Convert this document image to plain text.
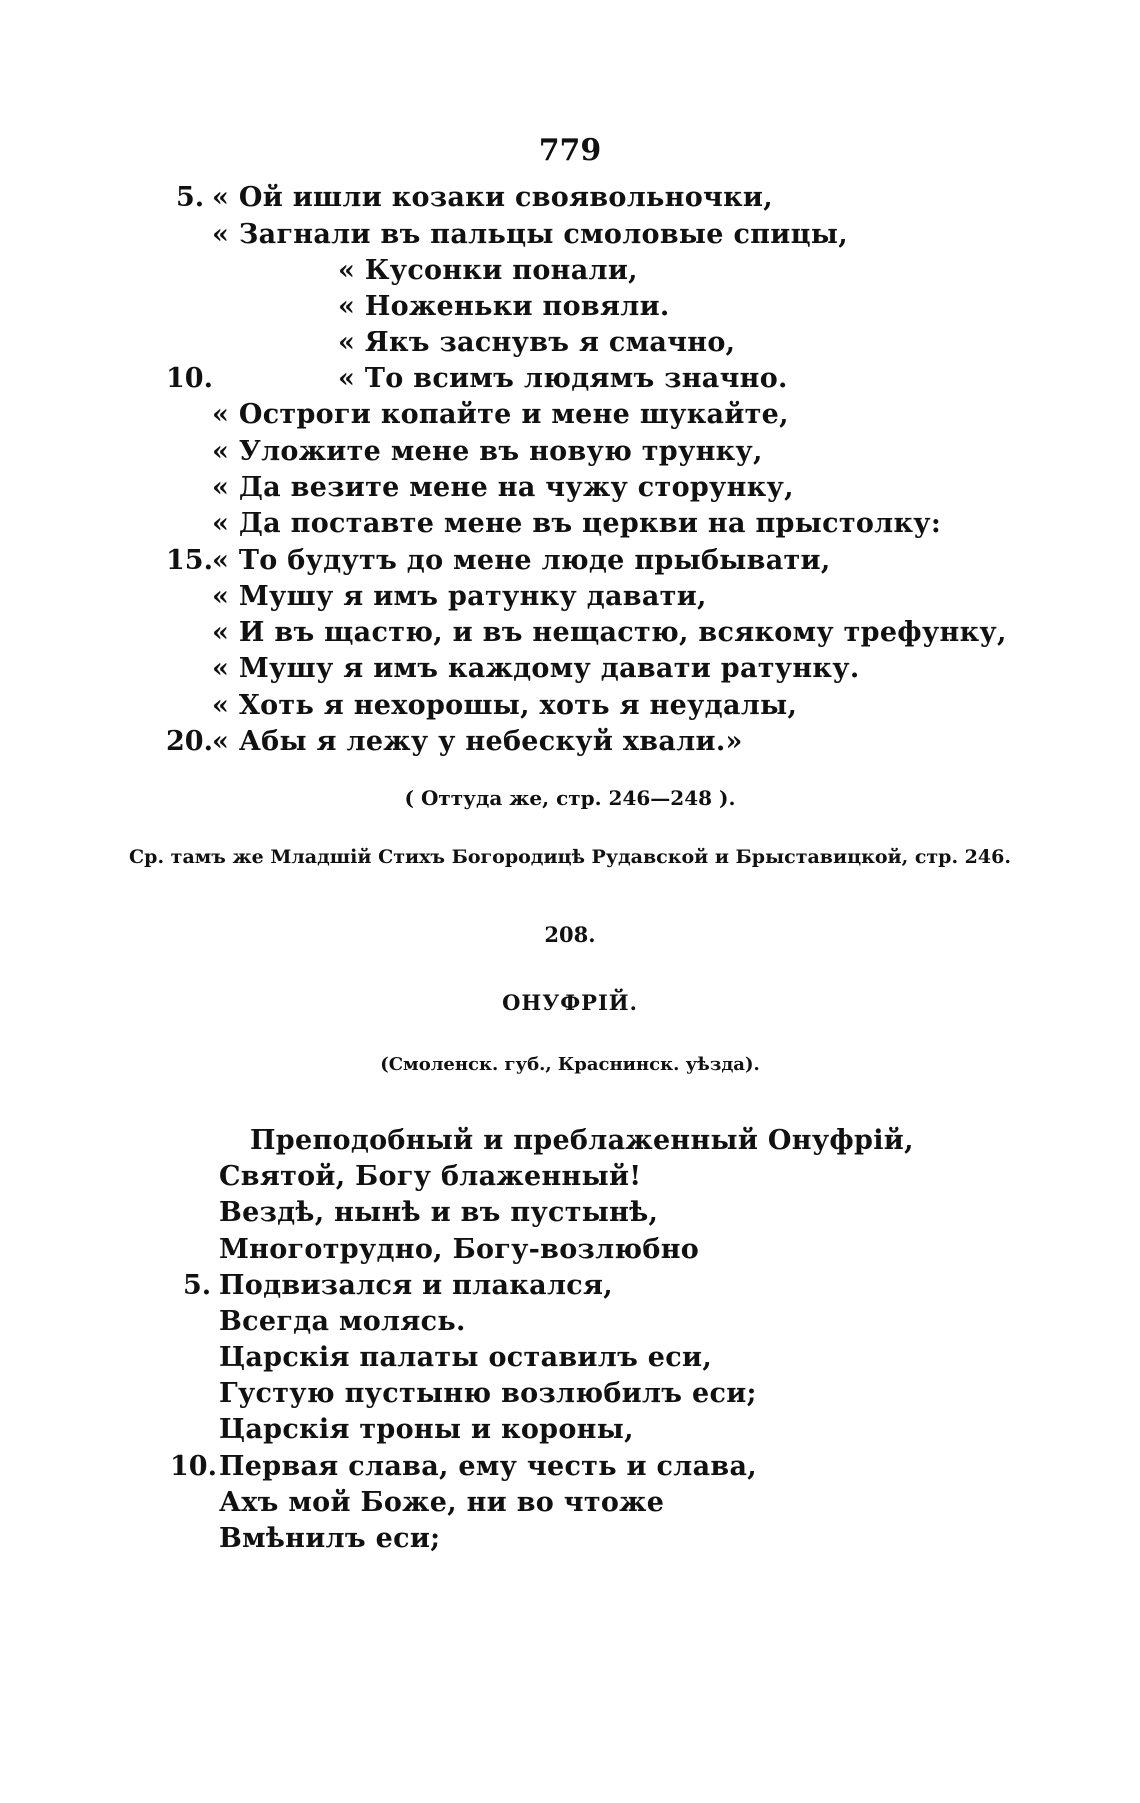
779
5. « Ой ишли козаки своявольночки,
« Загнали въ пальцы смоловые спицы,
« Кусонки понали,
« Ноженьки повяли.
« Якъ заснувъ я смачно,
10.	« То всимъ людямъ значно.
« Остроги копайте и мене шукайте,
« Уложите мене въ новую трунку,
« Да везите мене на чужу сторунку,
« Да поставте мене въ церкви на прыстолку:
15. « То будутъ до мене люде прыбывати,
« Мушу я имъ ратунку давати,
« И въ щастю, и въ нещастю, всякому трефунку,
« Мушу я имъ каждому давати ратунку.
« Хоть я нехорошы, хоть я неудалы,
20. « Абы я лежу у небескуй хвали.»
( Оттуда же, стр. 246—248 ).
Ср. тамъ же Младшій Стихъ Богородицѣ Рудавской и Брыставицкой, стр. 246.
208.
ОНУФРІЙ.
(Смоленск. губ., Краснинск. уѣзда).
Преподобный и преблаженный Онуфрій,
Святой, Богу блаженный!
Вездѣ, нынѣ и въ пустынѣ,
Многотрудно, Богу-возлюбно
5. Подвизался и плакался,
Всегда молясь.
Царскія палаты оставилъ еси,
Густую пустыню возлюбилъ еси;
Царскія троны и короны,
10. Первая слава, ему честь и слава,
Ахъ мой Боже, ни во чтоже
Вмѣнилъ еси;
